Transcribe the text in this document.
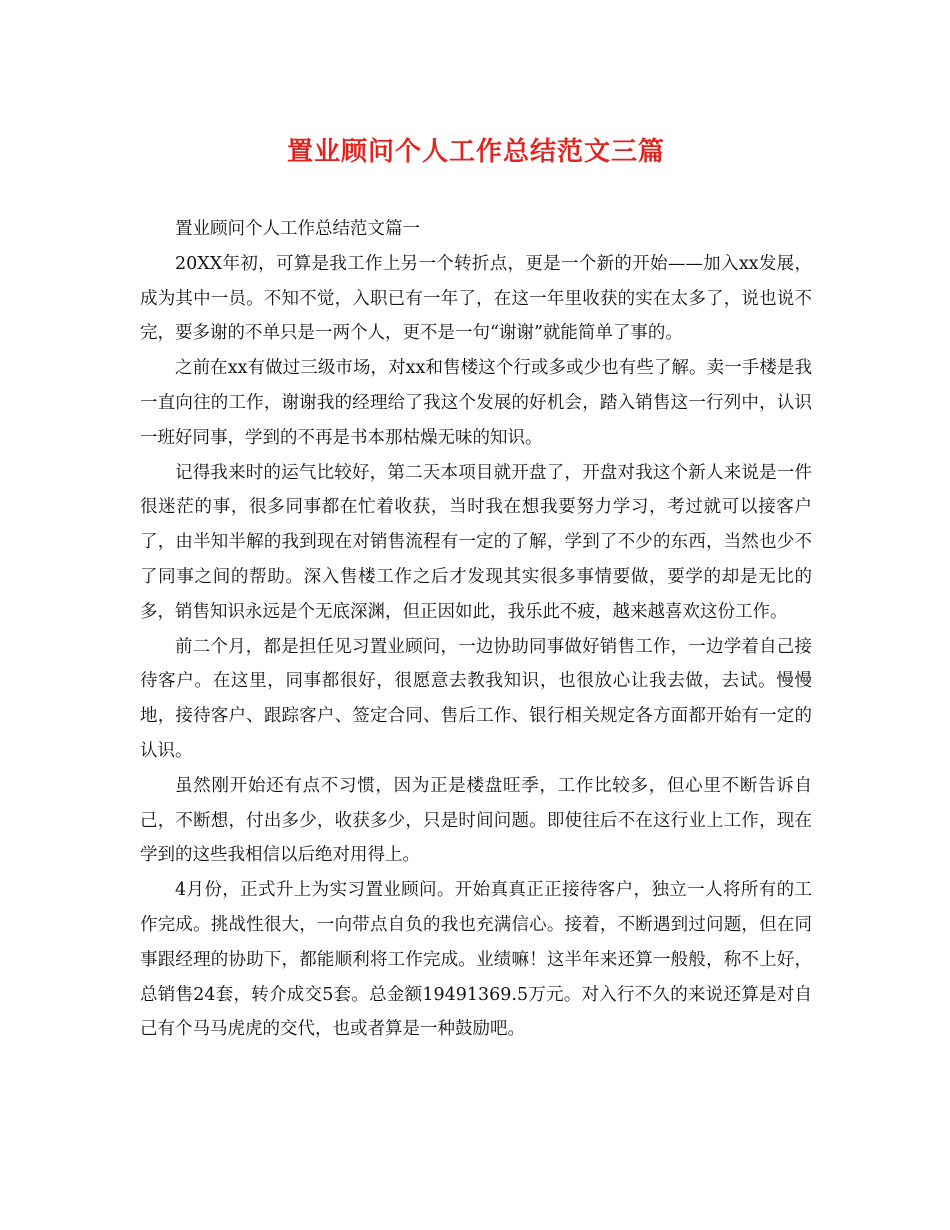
置业顾问个人工作总结范文三篇

置业顾问个人工作总结范文篇一

20XX年初，可算是我工作上另一个转折点，更是一个新的开始——加入xx发展，成为其中一员。不知不觉，入职已有一年了，在这一年里收获的实在太多了，说也说不完，要多谢的不单只是一两个人，更不是一句“谢谢”就能简单了事的。

之前在xx有做过三级市场，对xx和售楼这个行或多或少也有些了解。卖一手楼是我一直向往的工作，谢谢我的经理给了我这个发展的好机会，踏入销售这一行列中，认识一班好同事，学到的不再是书本那枯燥无味的知识。

记得我来时的运气比较好，第二天本项目就开盘了，开盘对我这个新人来说是一件很迷茫的事，很多同事都在忙着收获，当时我在想我要努力学习，考过就可以接客户了，由半知半解的我到现在对销售流程有一定的了解，学到了不少的东西，当然也少不了同事之间的帮助。深入售楼工作之后才发现其实很多事情要做，要学的却是无比的多，销售知识永远是个无底深渊，但正因如此，我乐此不疲，越来越喜欢这份工作。

前二个月，都是担任见习置业顾问，一边协助同事做好销售工作，一边学着自己接待客户。在这里，同事都很好，很愿意去教我知识，也很放心让我去做，去试。慢慢地，接待客户、跟踪客户、签定合同、售后工作、银行相关规定各方面都开始有一定的认识。

虽然刚开始还有点不习惯，因为正是楼盘旺季，工作比较多，但心里不断告诉自己，不断想，付出多少，收获多少，只是时间问题。即使往后不在这行业上工作，现在学到的这些我相信以后绝对用得上。

4月份，正式升上为实习置业顾问。开始真真正正接待客户，独立一人将所有的工作完成。挑战性很大，一向带点自负的我也充满信心。接着，不断遇到过问题，但在同事跟经理的协助下，都能顺利将工作完成。业绩嘛！这半年来还算一般般，称不上好，总销售24套，转介成交5套。总金额19491369.5万元。对入行不久的来说还算是对自己有个马马虎虎的交代，也或者算是一种鼓励吧。
